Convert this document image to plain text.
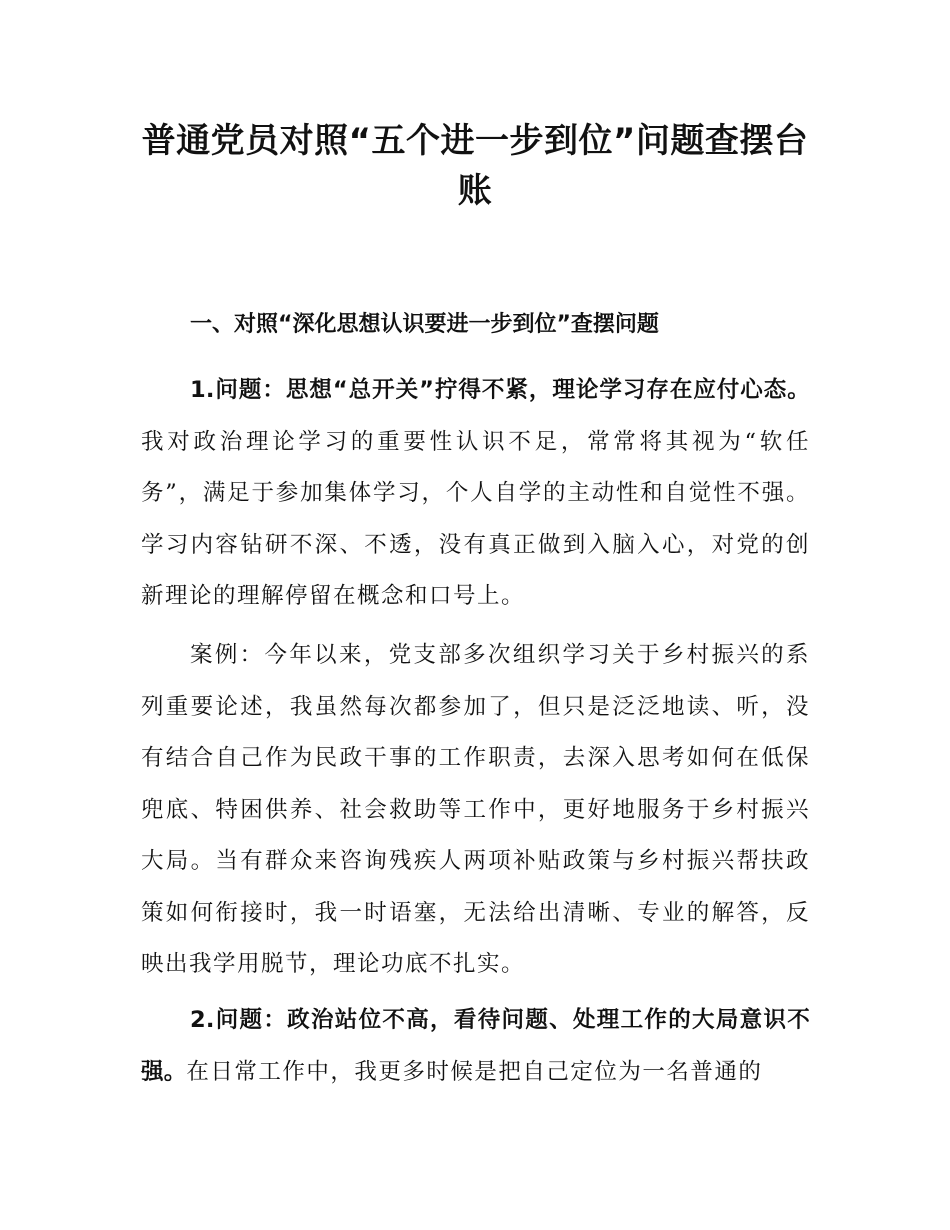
普通党员对照“五个进一步到位”问题查摆台账
一、对照“深化思想认识要进一步到位”查摆问题
1.问题：思想“总开关”拧得不紧，理论学习存在应付心态。我对政治理论学习的重要性认识不足，常常将其视为“软任务”，满足于参加集体学习，个人自学的主动性和自觉性不强。学习内容钻研不深、不透，没有真正做到入脑入心，对党的创新理论的理解停留在概念和口号上。
案例：今年以来，党支部多次组织学习关于乡村振兴的系列重要论述，我虽然每次都参加了，但只是泛泛地读、听，没有结合自己作为民政干事的工作职责，去深入思考如何在低保兜底、特困供养、社会救助等工作中，更好地服务于乡村振兴大局。当有群众来咨询残疾人两项补贴政策与乡村振兴帮扶政策如何衔接时，我一时语塞，无法给出清晰、专业的解答，反映出我学用脱节，理论功底不扎实。
2.问题：政治站位不高，看待问题、处理工作的大局意识不强。在日常工作中，我更多时候是把自己定位为一名普通的
